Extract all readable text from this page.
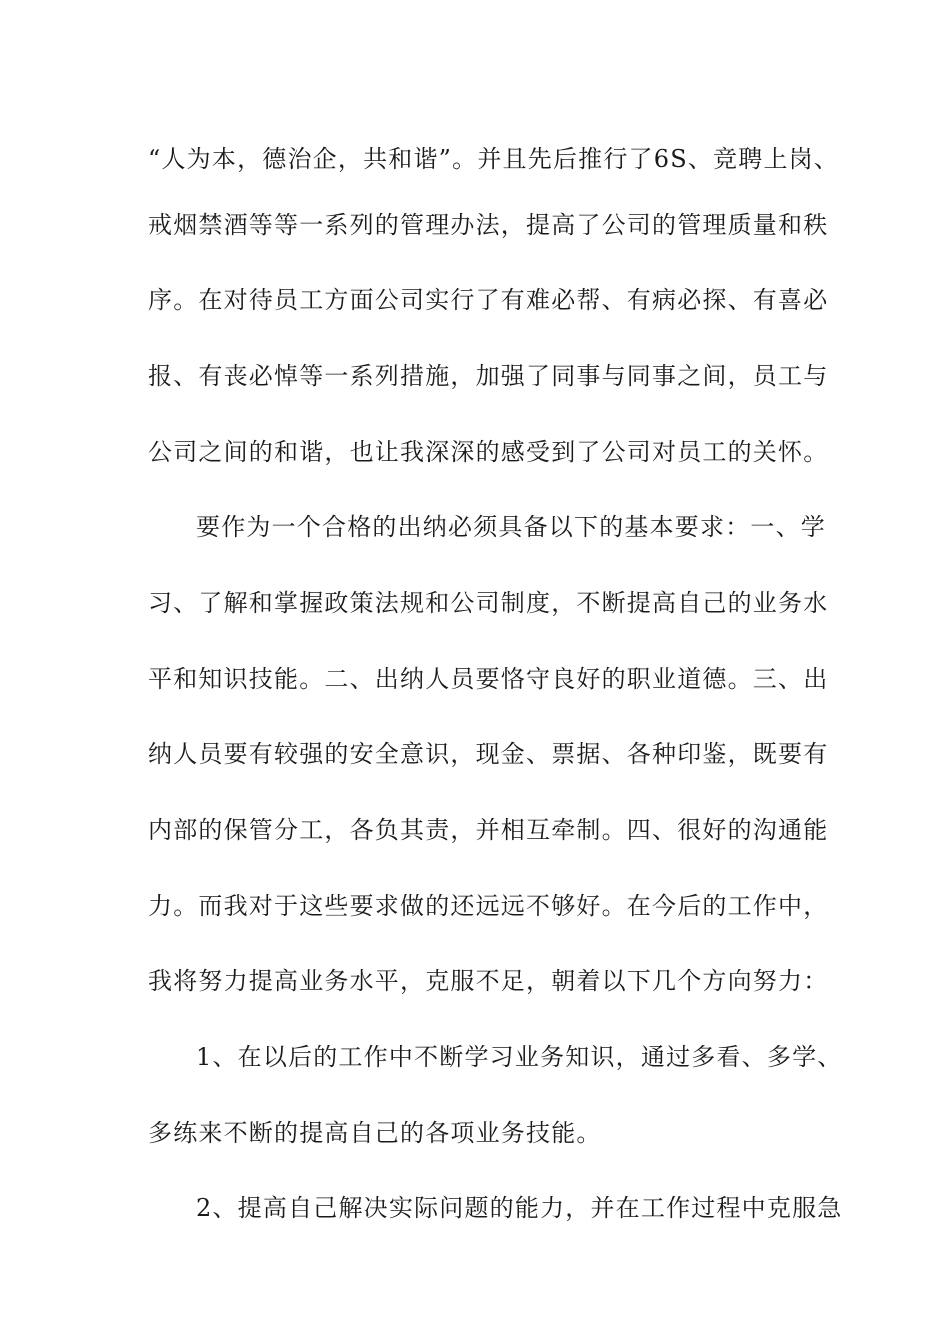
“人为本，德治企，共和谐”。并且先后推行了6S、竞聘上岗、
戒烟禁酒等等一系列的管理办法，提高了公司的管理质量和秩
序。在对待员工方面公司实行了有难必帮、有病必探、有喜必
报、有丧必悼等一系列措施，加强了同事与同事之间，员工与
公司之间的和谐，也让我深深的感受到了公司对员工的关怀。
要作为一个合格的出纳必须具备以下的基本要求：一、学
习、了解和掌握政策法规和公司制度，不断提高自己的业务水
平和知识技能。二、出纳人员要恪守良好的职业道德。三、出
纳人员要有较强的安全意识，现金、票据、各种印鉴，既要有
内部的保管分工，各负其责，并相互牵制。四、很好的沟通能
力。而我对于这些要求做的还远远不够好。在今后的工作中，
我将努力提高业务水平，克服不足，朝着以下几个方向努力：
1、在以后的工作中不断学习业务知识，通过多看、多学、
多练来不断的提高自己的各项业务技能。
2、提高自己解决实际问题的能力，并在工作过程中克服急
